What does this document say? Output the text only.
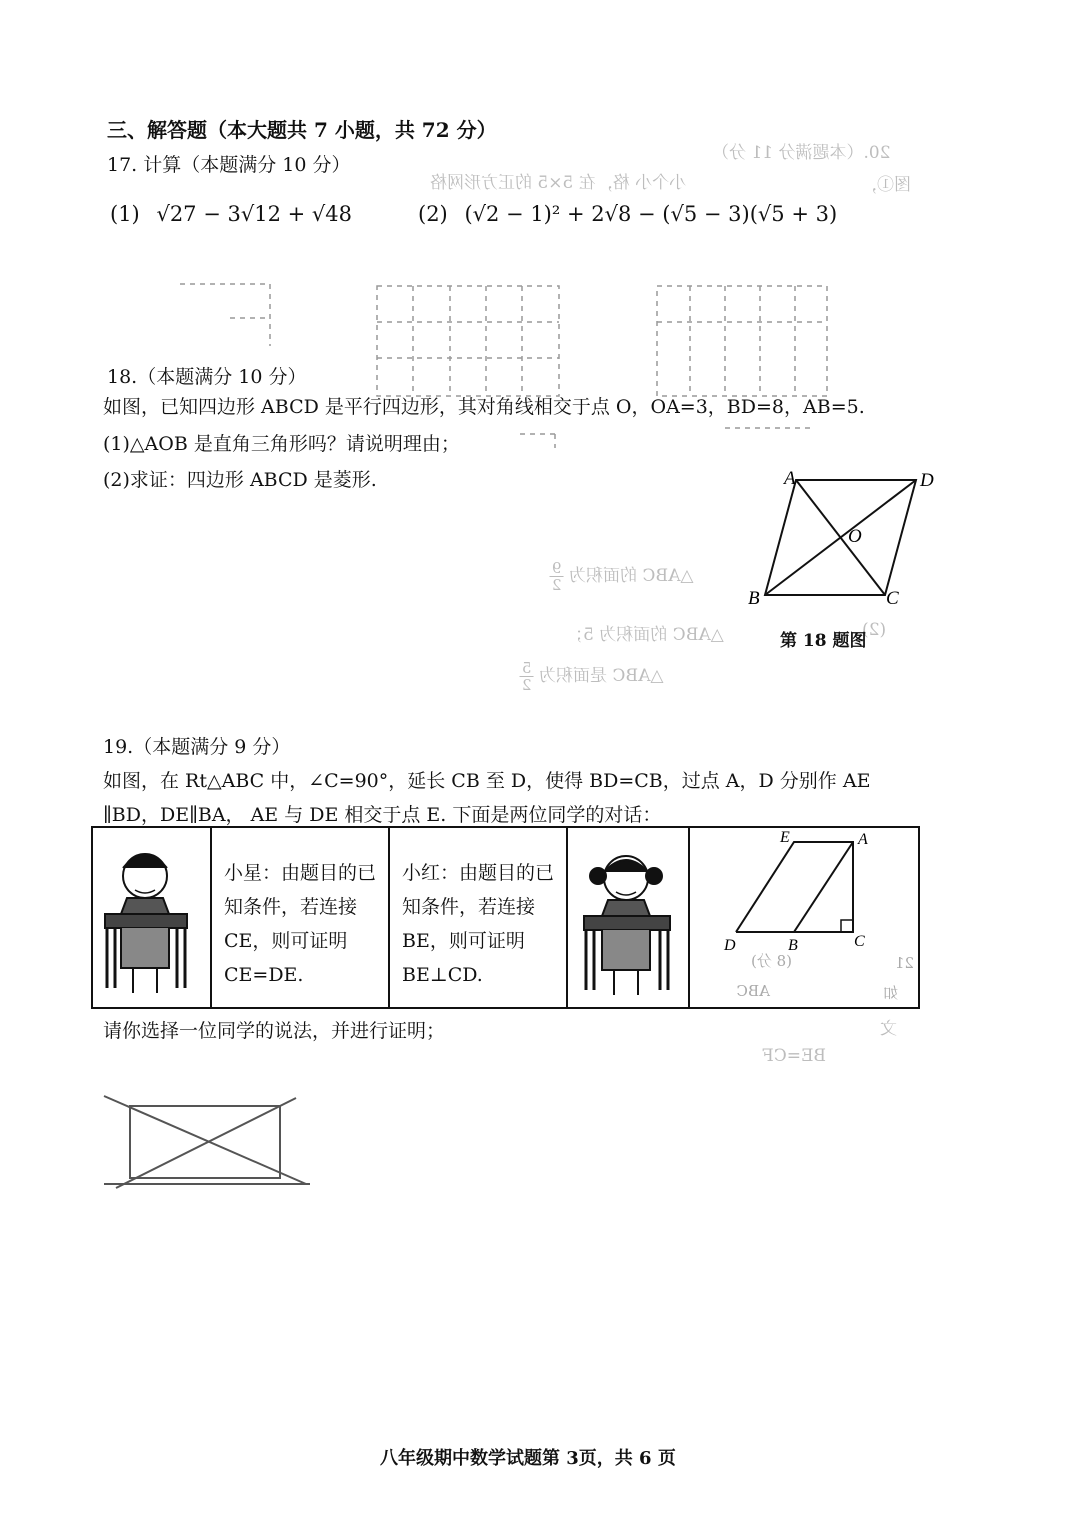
三、解答题（本大题共 7 小题，共 72 分）
20.（本题满分 11 分）
小个小 格，在 5×5 的正方形网格	图①，
17. 计算（本题满分 10 分）
(1) √27 − 3√12 + √48	(2) (√2 − 1)² + 2√8 − (√5 − 3)(√5 + 3)
18.（本题满分 10 分）
如图，已知四边形 ABCD 是平行四边形，其对角线相交于点 O，OA=3，BD=8，AB=5.
(1)△AOB 是直角三角形吗？请说明理由；
(2)求证：四边形 ABCD 是菱形.
△ABC 的面积为
$\frac{9}{2}$
△ABC 的面积为 5；
△ABC 是面积为
$\frac{5}{2}$
(2)
A	D
O
B	C
第 18 题图
19.（本题满分 9 分）
如图，在 Rt△ABC 中，∠C=90°，延长 CB 至 D，使得 BD=CB，过点 A，D 分别作 AE
∥BD，DE∥BA， AE 与 DE 相交于点 E. 下面是两位同学的对话：
小星：由题目的已知条件，若连接 CE，则可证明 CE=DE.
小红：由题目的已知条件，若连接 BE，则可证明 BE⊥CD.
E	A
D	B	C
(8 分)	21
ABC	如
请你选择一位同学的说法，并进行证明；	文
BE=CF
八年级期中数学试题第 3页，共 6 页
